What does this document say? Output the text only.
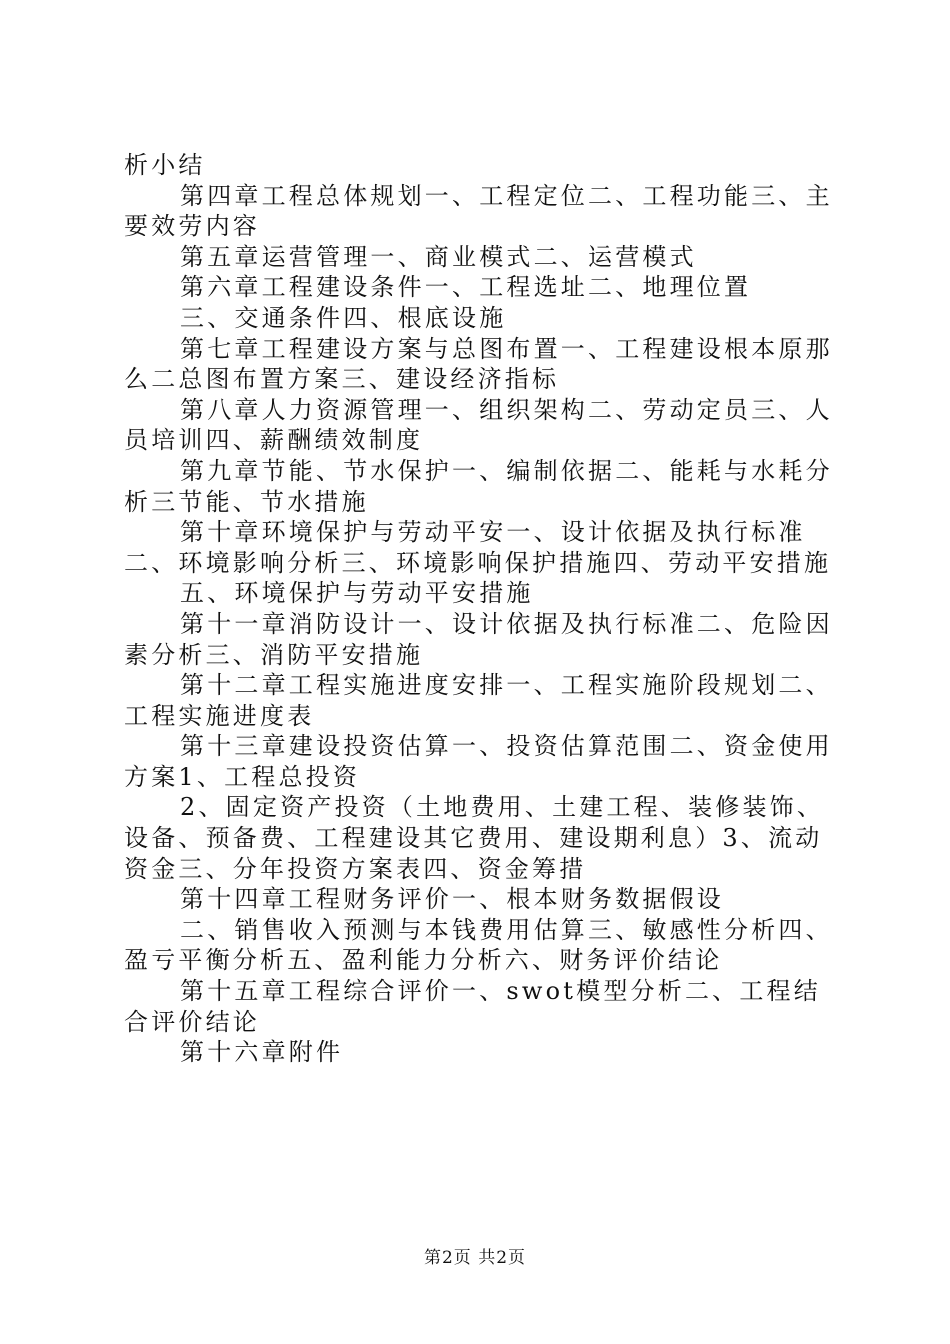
析小结

第四章工程总体规划一、工程定位二、工程功能三、主要效劳内容

第五章运营管理一、商业模式二、运营模式

第六章工程建设条件一、工程选址二、地理位置

三、交通条件四、根底设施

第七章工程建设方案与总图布置一、工程建设根本原那么二总图布置方案三、建设经济指标

第八章人力资源管理一、组织架构二、劳动定员三、人员培训四、薪酬绩效制度

第九章节能、节水保护一、编制依据二、能耗与水耗分析三节能、节水措施

第十章环境保护与劳动平安一、设计依据及执行标准二、环境影响分析三、环境影响保护措施四、劳动平安措施

五、环境保护与劳动平安措施

第十一章消防设计一、设计依据及执行标准二、危险因素分析三、消防平安措施

第十二章工程实施进度安排一、工程实施阶段规划二、工程实施进度表

第十三章建设投资估算一、投资估算范围二、资金使用方案1、工程总投资

2、固定资产投资（土地费用、土建工程、装修装饰、设备、预备费、工程建设其它费用、建设期利息）3、流动资金三、分年投资方案表四、资金筹措

第十四章工程财务评价一、根本财务数据假设

二、销售收入预测与本钱费用估算三、敏感性分析四、盈亏平衡分析五、盈利能力分析六、财务评价结论

第十五章工程综合评价一、swot模型分析二、工程结合评价结论

第十六章附件

第2页 共2页
